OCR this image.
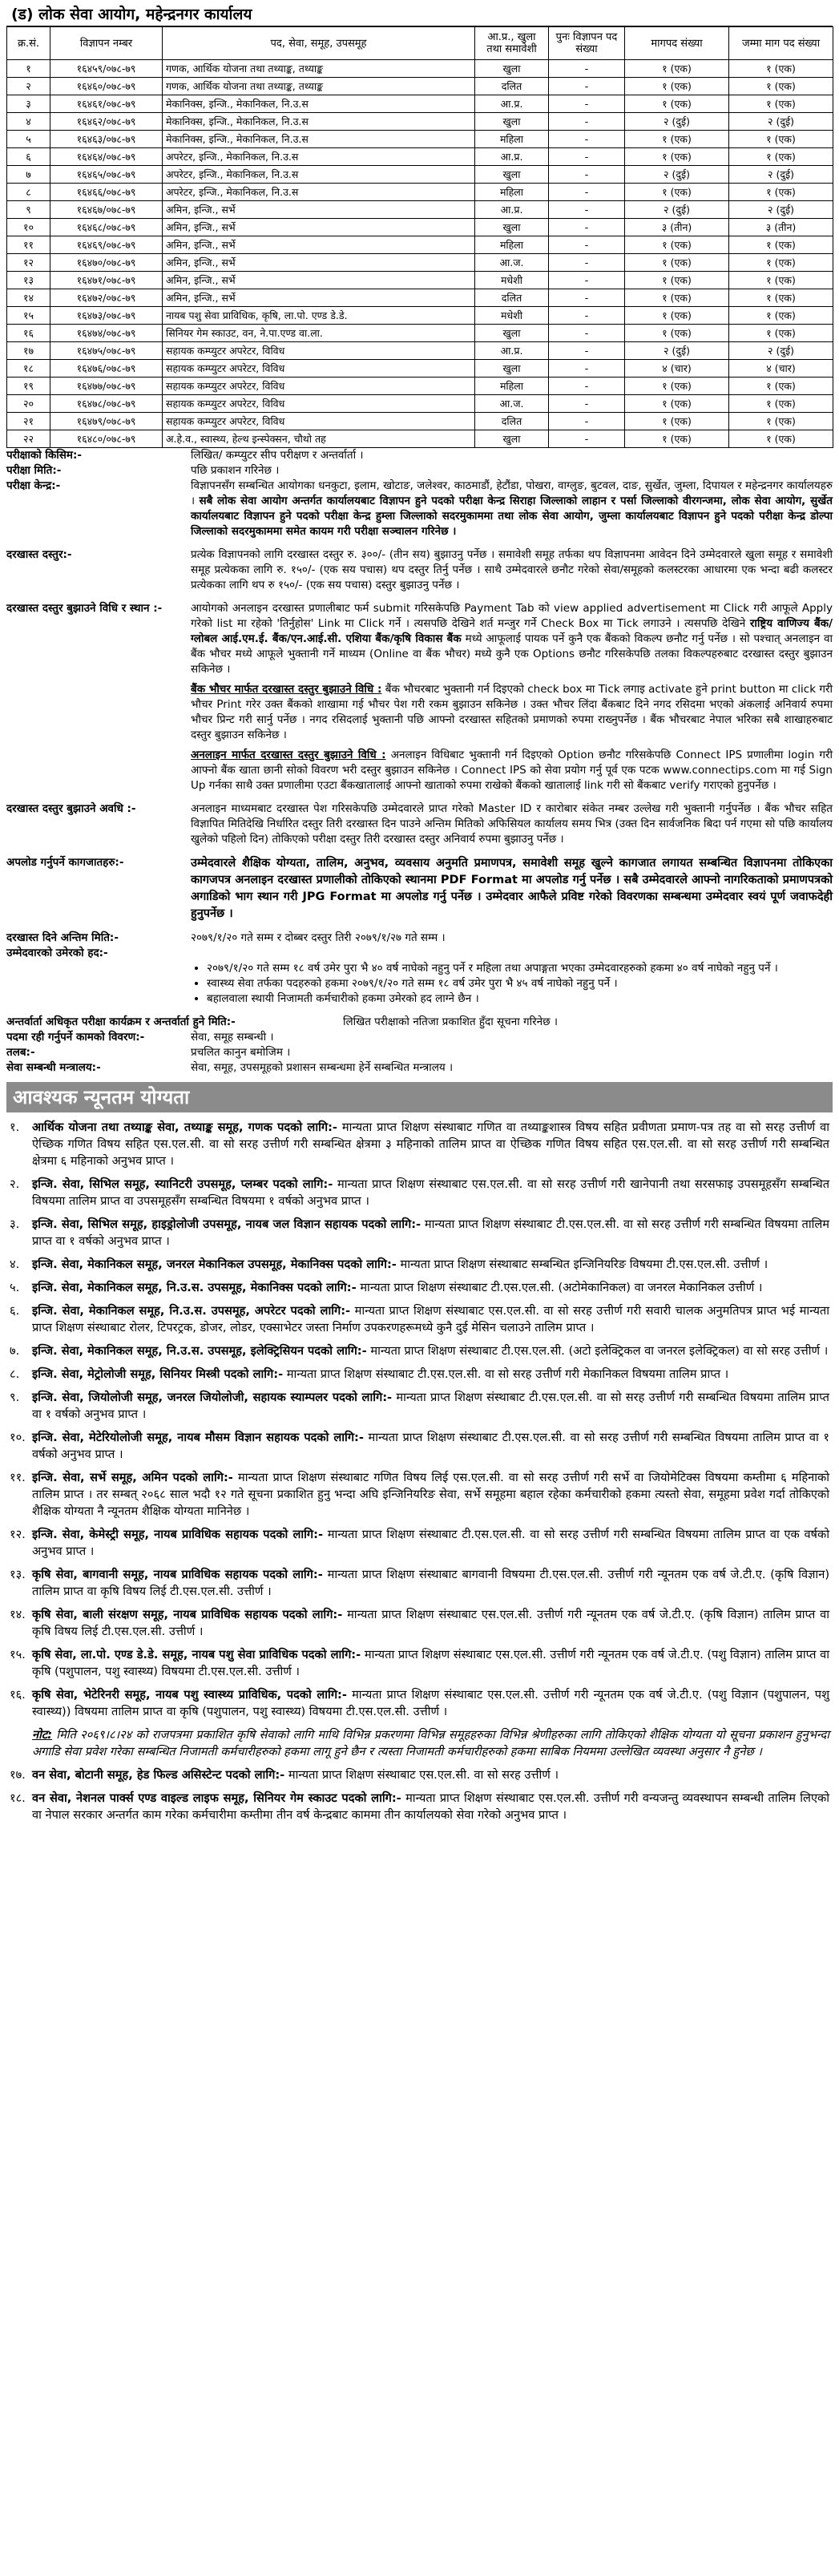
(ड) लोक सेवा आयोग, महेन्द्रनगर कार्यालय
क्र.सं.	विज्ञापन नम्बर	पद, सेवा, समूह, उपसमूह	आ.प्र., खुला तथा समावेशी	पुनः विज्ञापन पद संख्या	मागपद संख्या	जम्मा माग पद संख्या
१	१६४५९/०७८-७९	गणक, आर्थिक योजना तथा तथ्याङ्क, तथ्याङ्क	खुला	-	१ (एक)	१ (एक)
२	१६४६०/०७८-७९	गणक, आर्थिक योजना तथा तथ्याङ्क, तथ्याङ्क	दलित	-	१ (एक)	१ (एक)
३	१६४६१/०७८-७९	मेकानिक्स, इन्जि., मेकानिकल, नि.उ.स	आ.प्र.	-	१ (एक)	१ (एक)
४	१६४६२/०७८-७९	मेकानिक्स, इन्जि., मेकानिकल, नि.उ.स	खुला	-	२ (दुई)	२ (दुई)
५	१६४६३/०७८-७९	मेकानिक्स, इन्जि., मेकानिकल, नि.उ.स	महिला	-	१ (एक)	१ (एक)
६	१६४६४/०७८-७९	अपरेटर, इन्जि., मेकानिकल, नि.उ.स	आ.प्र.	-	१ (एक)	१ (एक)
७	१६४६५/०७८-७९	अपरेटर, इन्जि., मेकानिकल, नि.उ.स	खुला	-	२ (दुई)	२ (दुई)
८	१६४६६/०७८-७९	अपरेटर, इन्जि., मेकानिकल, नि.उ.स	महिला	-	१ (एक)	१ (एक)
९	१६४६७/०७८-७९	अमिन, इन्जि., सर्भे	आ.प्र.	-	२ (दुई)	२ (दुई)
१०	१६४६८/०७८-७९	अमिन, इन्जि., सर्भे	खुला	-	३ (तीन)	३ (तीन)
११	१६४६९/०७८-७९	अमिन, इन्जि., सर्भे	महिला	-	१ (एक)	१ (एक)
१२	१६४७०/०७८-७९	अमिन, इन्जि., सर्भे	आ.ज.	-	१ (एक)	१ (एक)
१३	१६४७१/०७८-७९	अमिन, इन्जि., सर्भे	मधेशी	-	१ (एक)	१ (एक)
१४	१६४७२/०७८-७९	अमिन, इन्जि., सर्भे	दलित	-	१ (एक)	१ (एक)
१५	१६४७३/०७८-७९	नायब पशु सेवा प्राविधिक, कृषि, ला.पो. एण्ड डे.डे.	मधेशी	-	१ (एक)	१ (एक)
१६	१६४७४/०७८-७९	सिनियर गेम स्काउट, वन, ने.पा.एण्ड वा.ला.	खुला	-	१ (एक)	१ (एक)
१७	१६४७५/०७८-७९	सहायक कम्प्युटर अपरेटर, विविध	आ.प्र.	-	२ (दुई)	२ (दुई)
१८	१६४७६/०७८-७९	सहायक कम्प्युटर अपरेटर, विविध	खुला	-	४ (चार)	४ (चार)
१९	१६४७७/०७८-७९	सहायक कम्प्युटर अपरेटर, विविध	महिला	-	१ (एक)	१ (एक)
२०	१६४७८/०७८-७९	सहायक कम्प्युटर अपरेटर, विविध	आ.ज.	-	१ (एक)	१ (एक)
२१	१६४७९/०७८-७९	सहायक कम्प्युटर अपरेटर, विविध	दलित	-	१ (एक)	१ (एक)
२२	१६४८०/०७८-७९	अ.हे.व., स्वास्थ्य, हेल्थ इन्स्पेक्सन, चौथो तह	खुला	-	१ (एक)	१ (एक)
परीक्षाको किसिम:-	लिखित/ कम्प्युटर सीप परीक्षण र अन्तर्वार्ता ।
परीक्षा मिति:-	पछि प्रकाशन गरिनेछ ।
परीक्षा केन्द्र:-	विज्ञापनसँग सम्बन्धित आयोगका धनकुटा, इलाम, खोटाङ, जलेश्वर, काठमाडौं, हेटौंडा, पोखरा, वाग्लुङ, बुटवल, दाङ, सुर्खेत, जुम्ला, दिपायल र महेन्द्रनगर कार्यालयहरु । सबै लोक सेवा आयोग अन्तर्गत कार्यालयबाट विज्ञापन हुने पदको परीक्षा केन्द्र सिराहा जिल्लाको लाहान र पर्सा जिल्लाको वीरगन्जमा, लोक सेवा आयोग, सुर्खेत कार्यालयबाट विज्ञापन हुने पदको परीक्षा केन्द्र हुम्ला जिल्लाको सदरमुकाममा तथा लोक सेवा आयोग, जुम्ला कार्यालयबाट विज्ञापन हुने पदको परीक्षा केन्द्र डोल्पा जिल्लाको सदरमुकाममा समेत कायम गरी परीक्षा सञ्चालन गरिनेछ ।
दरखास्त दस्तुर:-	प्रत्येक विज्ञापनको लागि दरखास्त दस्तुर रु. ३००/- (तीन सय) बुझाउनु पर्नेछ । समावेशी समूह तर्फका थप विज्ञापनमा आवेदन दिने उम्मेदवारले खुला समूह र समावेशी समूह प्रत्येकका लागि रु. १५०/- (एक सय पचास) थप दस्तुर तिर्नु पर्नेछ । साथै उम्मेदवारले छनौट गरेको सेवा/समूहको कलस्टरका आधारमा एक भन्दा बढी कलस्टर प्रत्येकका लागि थप रु १५०/- (एक सय पचास) दस्तुर बुझाउनु पर्नेछ ।
दरखास्त दस्तुर बुझाउने विधि र स्थान :-	आयोगको अनलाइन दरखास्त प्रणालीबाट फर्म submit गरिसकेपछि Payment Tab को view applied advertisement मा Click गरी आफूले Apply गरेको list मा रहेको 'तिर्नुहोस' Link मा Click गर्ने । त्यसपछि देखिने शर्त मन्जुर गर्ने Check Box मा Tick लगाउने । त्यसपछि देखिने राष्ट्रिय वाणिज्य बैंक/ग्लोबल आई.एम.ई. बैंक/एन.आई.सी. एशिया बैंक/कृषि विकास बैंक मध्ये आफूलाई पायक पर्ने कुनै एक बैंकको विकल्प छनौट गर्नु पर्नेछ । सो पश्चात् अनलाइन वा बैंक भौचर मध्ये आफूले भुक्तानी गर्ने माध्यम (Online वा बैंक भौचर) मध्ये कुनै एक Options छनौट गरिसकेपछि तलका विकल्पहरुबाट दरखास्त दस्तुर बुझाउन सकिनेछ ।
बैंक भौचर मार्फत दरखास्त दस्तुर बुझाउने विधि : बैंक भौचरबाट भुक्तानी गर्न दिइएको check box मा Tick लगाइ activate हुने print button मा click गरी भौचर Print गरेर उक्त बैंकको शाखामा गई भौचर पेश गरी रकम बुझाउन सकिनेछ । उक्त भौचर लिंदा बैंकबाट दिने नगद रसिदमा भएको अंकलाई अनिवार्य रुपमा भौचर प्रिन्ट गरी सार्नु पर्नेछ । नगद रसिदलाई भुक्तानी पछि आफ्नो दरखास्त सहितको प्रमाणको रुपमा राख्नुपर्नेछ । बैंक भौचरबाट नेपाल भरिका सबै शाखाहरुबाट दस्तुर बुझाउन सकिनेछ ।
अनलाइन मार्फत दरखास्त दस्तुर बुझाउने विधि : अनलाइन विधिबाट भुक्तानी गर्न दिइएको Option छनौट गरिसकेपछि Connect IPS प्रणालीमा login गरी आफ्नो बैंक खाता छानी सोको विवरण भरी दस्तुर बुझाउन सकिनेछ । Connect IPS को सेवा प्रयोग गर्नु पूर्व एक पटक www.connectips.com मा गई Sign Up गर्नका साथै उक्त प्रणालीमा एउटा बैंकखातालाई आफ्नो खाताको रुपमा राखेको बैंकको खातालाई link गरी सो बैंकबाट verify गराएको हुनुपर्नेछ ।
दरखास्त दस्तुर बुझाउने अवधि :-	अनलाइन माध्यमबाट दरखास्त पेश गरिसकेपछि उम्मेदवारले प्राप्त गरेको Master ID र कारोबार संकेत नम्बर उल्लेख गरी भुक्तानी गर्नुपर्नेछ । बैंक भौचर सहित विज्ञापित मितिदेखि निर्धारित दस्तुर तिरी दरखास्त दिन पाउने अन्तिम मितिको अफिसियल कार्यालय समय भित्र (उक्त दिन सार्वजनिक बिदा पर्न गएमा सो पछि कार्यालय खुलेको पहिलो दिन) तोकिएको परीक्षा दस्तुर तिरी दरखास्त दस्तुर अनिवार्य रुपमा बुझाउनु पर्नेछ ।
अपलोड गर्नुपर्ने कागजातहरु:-	उम्मेदवारले शैक्षिक योग्यता, तालिम, अनुभव, व्यवसाय अनुमति प्रमाणपत्र, समावेशी समूह खुल्ने कागजात लगायत सम्बन्धित विज्ञापनमा तोकिएका कागजपत्र अनलाइन दरखास्त प्रणालीको तोकिएको स्थानमा PDF Format मा अपलोड गर्नु पर्नेछ । सबै उम्मेदवारले आफ्नो नागरिकताको प्रमाणपत्रको अगाडिको भाग स्थान गरी JPG Format मा अपलोड गर्नु पर्नेछ । उम्मेदवार आफैले प्रविष्ट गरेको विवरणका सम्बन्धमा उम्मेदवार स्वयं पूर्ण जवाफदेही हुनुपर्नेछ ।
दरखास्त दिने अन्तिम मिति:-	२०७९/१/२० गते सम्म र दोब्बर दस्तुर तिरी २०७९/१/२७ गते सम्म ।
उम्मेदवारको उमेरको हद:-
• २०७९/१/२० गते सम्म १८ वर्ष उमेर पुरा भै ४० वर्ष नाघेको नहुनु पर्ने र महिला तथा अपाङ्गता भएका उम्मेदवारहरुको हकमा ४० वर्ष नाघेको नहुनु पर्ने ।
• स्वास्थ्य सेवा तर्फका पदहरुको हकमा २०७९/१/२० गते सम्म १८ वर्ष उमेर पुरा भै ४५ वर्ष नाघेको नहुनु पर्ने ।
• बहालवाला स्थायी निजामती कर्मचारीको हकमा उमेरको हद लाग्ने छैन ।
अन्तर्वार्ता अधिकृत परीक्षा कार्यक्रम र अन्तर्वार्ता हुने मिति:-	लिखित परीक्षाको नतिजा प्रकाशित हुँदा सूचना गरिनेछ ।
पदमा रही गर्नुपर्ने कामको विवरण:-	सेवा, समूह सम्बन्धी ।
तलब:-	प्रचलित कानुन बमोजिम ।
सेवा सम्बन्धी मन्त्रालय:-	सेवा, समूह, उपसमूहको प्रशासन सम्बन्धमा हेर्ने सम्बन्धित मन्त्रालय ।
आवश्यक न्यूनतम योग्यता
१.	आर्थिक योजना तथा तथ्याङ्क सेवा, तथ्याङ्क समूह, गणक पदको लागि:- मान्यता प्राप्त शिक्षण संस्थाबाट गणित वा तथ्याङ्कशास्त्र विषय सहित प्रवीणता प्रमाण-पत्र तह वा सो सरह उत्तीर्ण वा ऐच्छिक गणित विषय सहित एस.एल.सी. वा सो सरह उत्तीर्ण गरी सम्बन्धित क्षेत्रमा ३ महिनाको तालिम प्राप्त वा ऐच्छिक गणित विषय सहित एस.एल.सी. वा सो सरह उत्तीर्ण गरी सम्बन्धित क्षेत्रमा ६ महिनाको अनुभव प्राप्त ।
२.	इन्जि. सेवा, सिभिल समूह, स्यानिटरी उपसमूह, प्लम्बर पदको लागि:- मान्यता प्राप्त शिक्षण संस्थाबाट एस.एल.सी. वा सो सरह उत्तीर्ण गरी खानेपानी तथा सरसफाइ उपसमूहसँग सम्बन्धित विषयमा तालिम प्राप्त वा उपसमूहसँग सम्बन्धित विषयमा १ वर्षको अनुभव प्राप्त ।
३.	इन्जि. सेवा, सिभिल समूह, हाइड्रोलोजी उपसमूह, नायब जल विज्ञान सहायक पदको लागि:- मान्यता प्राप्त शिक्षण संस्थाबाट टी.एस.एल.सी. वा सो सरह उत्तीर्ण गरी सम्बन्धित विषयमा तालिम प्राप्त वा १ वर्षको अनुभव प्राप्त ।
४.	इन्जि. सेवा, मेकानिकल समूह, जनरल मेकानिकल उपसमूह, मेकानिक्स पदको लागि:- मान्यता प्राप्त शिक्षण संस्थाबाट सम्बन्धित इन्जिनियरिङ विषयमा टी.एस.एल.सी. उत्तीर्ण ।
५.	इन्जि. सेवा, मेकानिकल समूह, नि.उ.स. उपसमूह, मेकानिक्स पदको लागि:- मान्यता प्राप्त शिक्षण संस्थाबाट टी.एस.एल.सी. (अटोमेकानिकल) वा जनरल मेकानिकल उत्तीर्ण ।
६.	इन्जि. सेवा, मेकानिकल समूह, नि.उ.स. उपसमूह, अपरेटर पदको लागि:- मान्यता प्राप्त शिक्षण संस्थाबाट एस.एल.सी. वा सो सरह उत्तीर्ण गरी सवारी चालक अनुमतिपत्र प्राप्त भई मान्यता प्राप्त शिक्षण संस्थाबाट रोलर, टिपरट्रक, डोजर, लोडर, एक्साभेटर जस्ता निर्माण उपकरणहरूमध्ये कुनै दुई मेसिन चलाउने तालिम प्राप्त ।
७.	इन्जि. सेवा, मेकानिकल समूह, नि.उ.स. उपसमूह, इलेक्ट्रिसियन पदको लागि:- मान्यता प्राप्त शिक्षण संस्थाबाट टी.एस.एल.सी. (अटो इलेक्ट्रिकल वा जनरल इलेक्ट्रिकल) वा सो सरह उत्तीर्ण ।
८.	इन्जि. सेवा, मेट्रोलोजी समूह, सिनियर मिस्त्री पदको लागि:- मान्यता प्राप्त शिक्षण संस्थाबाट टी.एस.एल.सी. वा सो सरह उत्तीर्ण गरी मेकानिकल विषयमा तालिम प्राप्त ।
९.	इन्जि. सेवा, जियोलोजी समूह, जनरल जियोलोजी, सहायक स्याम्पलर पदको लागि:- मान्यता प्राप्त शिक्षण संस्थाबाट टी.एस.एल.सी. वा सो सरह उत्तीर्ण गरी सम्बन्धित विषयमा तालिम प्राप्त वा १ वर्षको अनुभव प्राप्त ।
१०. इन्जि. सेवा, मेटेरियोलोजी समूह, नायब मौसम विज्ञान सहायक पदको लागि:- मान्यता प्राप्त शिक्षण संस्थाबाट टी.एस.एल.सी. वा सो सरह उत्तीर्ण गरी सम्बन्धित विषयमा तालिम प्राप्त वा १ वर्षको अनुभव प्राप्त ।
११. इन्जि. सेवा, सर्भे समूह, अमिन पदको लागि:- मान्यता प्राप्त शिक्षण संस्थाबाट गणित विषय लिई एस.एल.सी. वा सो सरह उत्तीर्ण गरी सर्भे वा जियोमेटिक्स विषयमा कम्तीमा ६ महिनाको तालिम प्राप्त । तर सम्बत् २०६८ साल भदौ १२ गते सूचना प्रकाशित हुनु भन्दा अघि इन्जिनियरिङ सेवा, सर्भे समूहमा बहाल रहेका कर्मचारीको हकमा त्यस्तो सेवा, समूहमा प्रवेश गर्दा तोकिएको शैक्षिक योग्यता नै न्यूनतम शैक्षिक योग्यता मानिनेछ ।
१२. इन्जि. सेवा, केमेस्ट्री समूह, नायब प्राविधिक सहायक पदको लागि:- मान्यता प्राप्त शिक्षण संस्थाबाट टी.एस.एल.सी. वा सो सरह उत्तीर्ण गरी सम्बन्धित विषयमा तालिम प्राप्त वा एक वर्षको अनुभव प्राप्त ।
१३. कृषि सेवा, बागवानी समूह, नायब प्राविधिक सहायक पदको लागि:- मान्यता प्राप्त शिक्षण संस्थाबाट बागवानी विषयमा टी.एस.एल.सी. उत्तीर्ण गरी न्यूनतम एक वर्ष जे.टी.ए. (कृषि विज्ञान) तालिम प्राप्त वा कृषि विषय लिई टी.एस.एल.सी. उत्तीर्ण ।
१४. कृषि सेवा, बाली संरक्षण समूह, नायब प्राविधिक सहायक पदको लागि:- मान्यता प्राप्त शिक्षण संस्थाबाट एस.एल.सी. उत्तीर्ण गरी न्यूनतम एक वर्ष जे.टी.ए. (कृषि विज्ञान) तालिम प्राप्त वा कृषि विषय लिई टी.एस.एल.सी. उत्तीर्ण ।
१५. कृषि सेवा, ला.पो. एण्ड डे.डे. समूह, नायब पशु सेवा प्राविधिक पदको लागि:- मान्यता प्राप्त शिक्षण संस्थाबाट एस.एल.सी. उत्तीर्ण गरी न्यूनतम एक वर्ष जे.टी.ए. (पशु विज्ञान) तालिम प्राप्त वा कृषि (पशुपालन, पशु स्वास्थ्य) विषयमा टी.एस.एल.सी. उत्तीर्ण ।
१६. कृषि सेवा, भेटेरिनरी समूह, नायब पशु स्वास्थ्य प्राविधिक, पदको लागि:- मान्यता प्राप्त शिक्षण संस्थाबाट एस.एल.सी. उत्तीर्ण गरी न्यूनतम एक वर्ष जे.टी.ए. (पशु विज्ञान (पशुपालन, पशु स्वास्थ्य)) विषयमा तालिम प्राप्त वा कृषि (पशुपालन, पशु स्वास्थ्य) विषयमा टी.एस.एल.सी. उत्तीर्ण ।
नोट: मिति २०६९।८।२४ को राजपत्रमा प्रकाशित कृषि सेवाको लागि माथि विभिन्न प्रकरणमा विभिन्न समूहहरुका विभिन्न श्रेणीहरुका लागि तोकिएको शैक्षिक योग्यता यो सूचना प्रकाशन हुनुभन्दा अगाडि सेवा प्रवेश गरेका सम्बन्धित निजामती कर्मचारीहरुको हकमा लागू हुने छैन र त्यस्ता निजामती कर्मचारीहरुको हकमा साबिक नियममा उल्लेखित व्यवस्था अनुसार नै हुनेछ ।
१७. वन सेवा, बोटानी समूह, हेड फिल्ड असिस्टेन्ट पदको लागि:- मान्यता प्राप्त शिक्षण संस्थाबाट एस.एल.सी. वा सो सरह उत्तीर्ण ।
१८. वन सेवा, नेशनल पार्क्स एण्ड वाइल्ड लाइफ समूह, सिनियर गेम स्काउट पदको लागि:- मान्यता प्राप्त शिक्षण संस्थाबाट एस.एल.सी. उत्तीर्ण गरी वन्यजन्तु व्यवस्थापन सम्बन्धी तालिम लिएको वा नेपाल सरकार अन्तर्गत काम गरेका कर्मचारीमा कम्तीमा तीन वर्ष केन्द्रबाट काममा तीन कार्यालयको सेवा गरेको अनुभव प्राप्त ।
